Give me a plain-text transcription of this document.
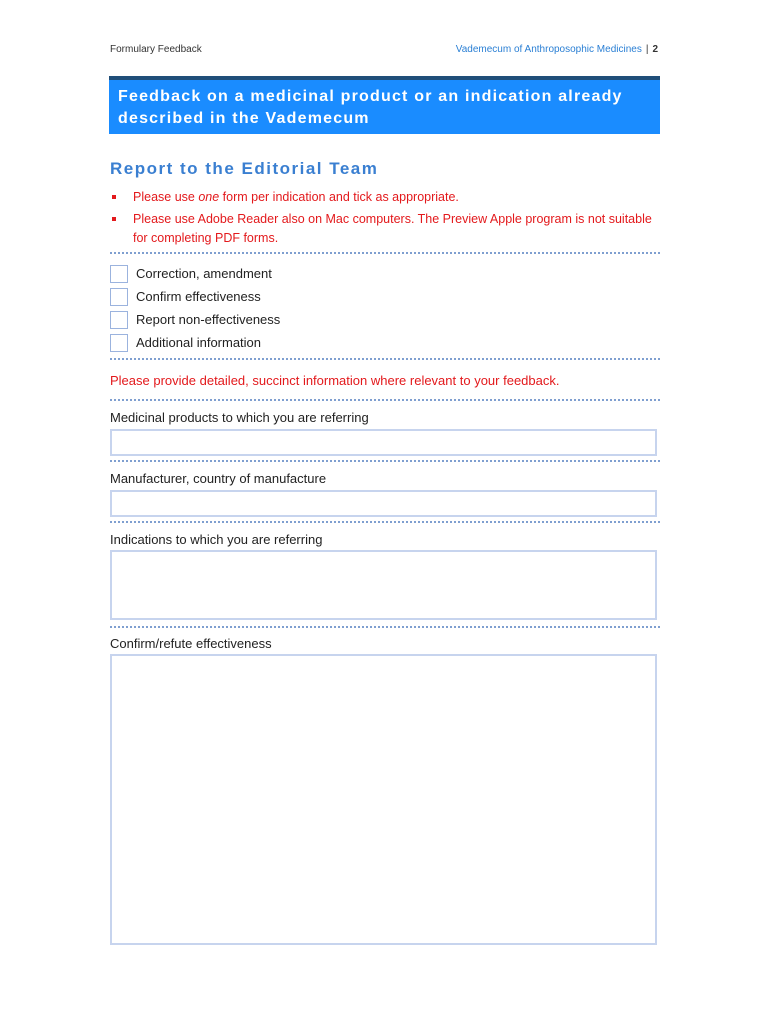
Formulary Feedback	Vademecum of Anthroposophic Medicines | 2
Feedback on a medicinal product or an indication already described in the Vademecum
Report to the Editorial Team
Please use one form per indication and tick as appropriate.
Please use Adobe Reader also on Mac computers. The Preview Apple program is not suitable for completing PDF forms.
Correction, amendment
Confirm effectiveness
Report non-effectiveness
Additional information
Please provide detailed, succinct information where relevant to your feedback.
Medicinal products to which you are referring
Manufacturer, country of manufacture
Indications to which you are referring
Confirm/refute effectiveness
